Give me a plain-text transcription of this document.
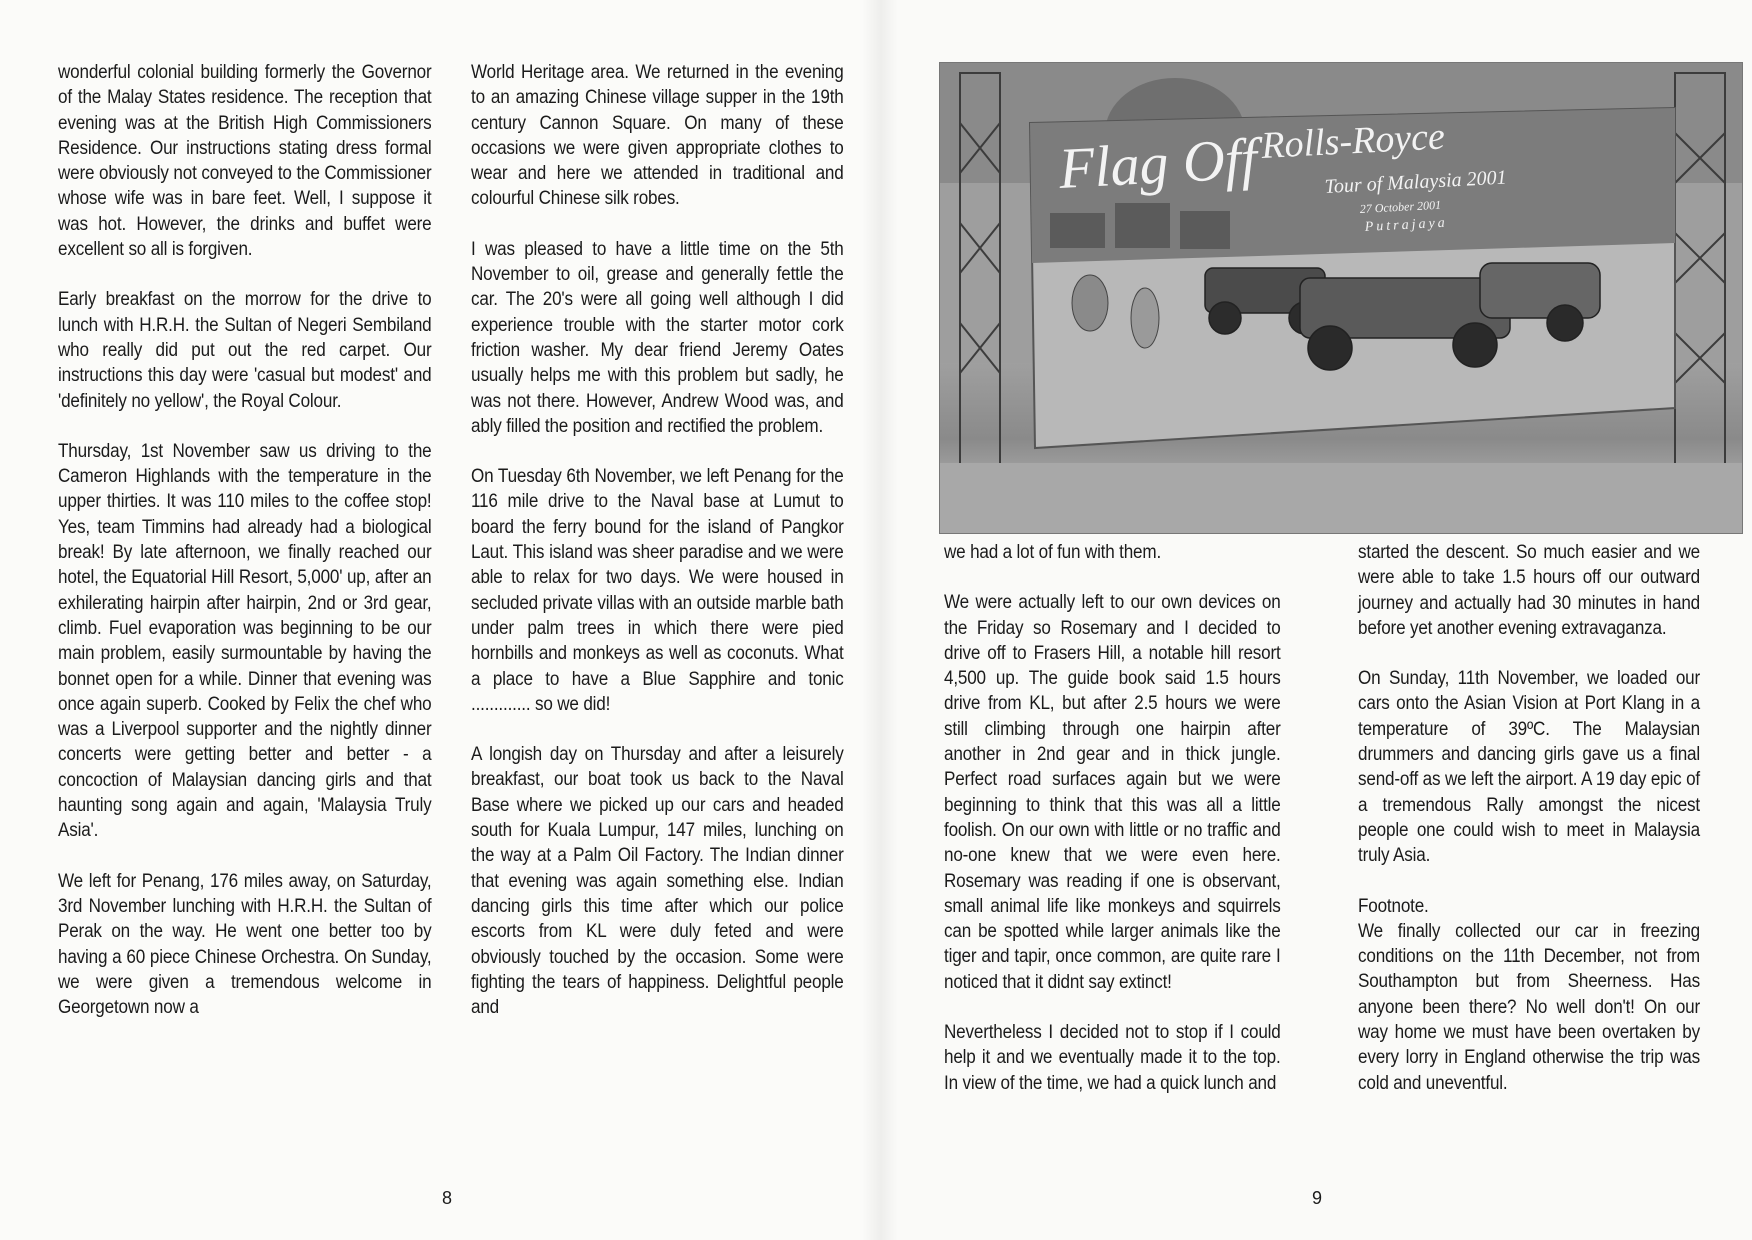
wonderful colonial building formerly the Governor of the Malay States residence. The reception that evening was at the British High Commissioners Residence. Our instructions stating dress formal were obviously not conveyed to the Commissioner whose wife was in bare feet. Well, I suppose it was hot. However, the drinks and buffet were excellent so all is forgiven.

Early breakfast on the morrow for the drive to lunch with H.R.H. the Sultan of Negeri Sembiland who really did put out the red carpet. Our instructions this day were 'casual but modest' and 'definitely no yellow', the Royal Colour.

Thursday, 1st November saw us driving to the Cameron Highlands with the temperature in the upper thirties. It was 110 miles to the coffee stop! Yes, team Timmins had already had a biological break! By late afternoon, we finally reached our hotel, the Equatorial Hill Resort, 5,000' up, after an exhilerating hairpin after hairpin, 2nd or 3rd gear, climb. Fuel evaporation was beginning to be our main problem, easily surmountable by having the bonnet open for a while. Dinner that evening was once again superb. Cooked by Felix the chef who was a Liverpool supporter and the nightly dinner concerts were getting better and better - a concoction of Malaysian dancing girls and that haunting song again and again, 'Malaysia Truly Asia'.

We left for Penang, 176 miles away, on Saturday, 3rd November lunching with H.R.H. the Sultan of Perak on the way. He went one better too by having a 60 piece Chinese Orchestra. On Sunday, we were given a tremendous welcome in Georgetown now a

World Heritage area. We returned in the evening to an amazing Chinese village supper in the 19th century Cannon Square. On many of these occasions we were given appropriate clothes to wear and here we attended in traditional and colourful Chinese silk robes.

I was pleased to have a little time on the 5th November to oil, grease and generally fettle the car. The 20's were all going well although I did experience trouble with the starter motor cork friction washer. My dear friend Jeremy Oates usually helps me with this problem but sadly, he was not there. However, Andrew Wood was, and ably filled the position and rectified the problem.

On Tuesday 6th November, we left Penang for the 116 mile drive to the Naval base at Lumut to board the ferry bound for the island of Pangkor Laut. This island was sheer paradise and we were able to relax for two days. We were housed in secluded private villas with an outside marble bath under palm trees in which there were pied hornbills and monkeys as well as coconuts. What a place to have a Blue Sapphire and tonic ............. so we did!

A longish day on Thursday and after a leisurely breakfast, our boat took us back to the Naval Base where we picked up our cars and headed south for Kuala Lumpur, 147 miles, lunching on the way at a Palm Oil Factory. The Indian dinner that evening was again something else. Indian dancing girls this time after which our police escorts from KL were duly feted and were obviously touched by the occasion. Some were fighting the tears of happiness. Delightful people and

8
Flag Off Rolls-Royce
Tour of Malaysia 2001
27 October 2001
Putrajaya

we had a lot of fun with them.

We were actually left to our own devices on the Friday so Rosemary and I decided to drive off to Frasers Hill, a notable hill resort 4,500 up. The guide book said 1.5 hours drive from KL, but after 2.5 hours we were still climbing through one hairpin after another in 2nd gear and in thick jungle. Perfect road surfaces again but we were beginning to think that this was all a little foolish. On our own with little or no traffic and no-one knew that we were even here. Rosemary was reading if one is observant, small animal life like monkeys and squirrels can be spotted while larger animals like the tiger and tapir, once common, are quite rare I noticed that it didnt say extinct!

Nevertheless I decided not to stop if I could help it and we eventually made it to the top. In view of the time, we had a quick lunch and

started the descent. So much easier and we were able to take 1.5 hours off our outward journey and actually had 30 minutes in hand before yet another evening extravaganza.

On Sunday, 11th November, we loaded our cars onto the Asian Vision at Port Klang in a temperature of 39ºC. The Malaysian drummers and dancing girls gave us a final send-off as we left the airport. A 19 day epic of a tremendous Rally amongst the nicest people one could wish to meet in Malaysia truly Asia.

Footnote.

We finally collected our car in freezing conditions on the 11th December, not from Southampton but from Sheerness. Has anyone been there? No well don't! On our way home we must have been overtaken by every lorry in England otherwise the trip was cold and uneventful.

9
